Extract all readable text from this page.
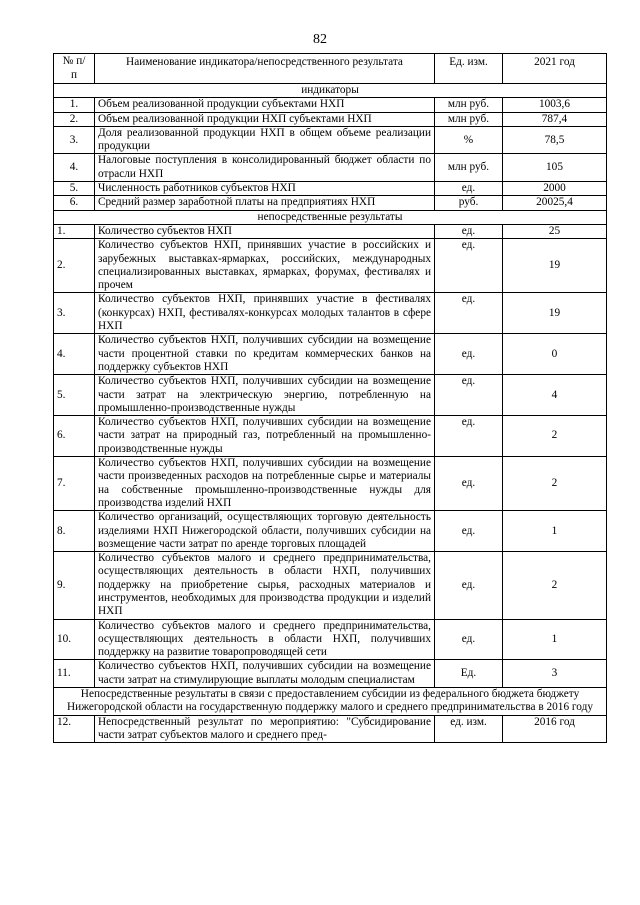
82
№ п/п	Наименование индикатора/непосредственного результата	Ед. изм.	2021 год
индикаторы			
1.	Объем реализованной продукции субъектами НХП	млн руб.	1003,6
2.	Объем реализованной продукции НХП субъектами НХП	млн руб.	787,4
3.	Доля реализованной продукции НХП в общем объеме реализации продукции	%	78,5
4.	Налоговые поступления в консолидированный бюджет области по отрасли НХП	млн руб.	105
5.	Численность работников субъектов НХП	ед.	2000
6.	Средний размер заработной платы на предприятиях НХП	руб.	20025,4
непосредственные результаты			
1.	Количество субъектов НХП	ед.	25
2.	Количество субъектов НХП, принявших участие в российских и зарубежных выставках-ярмарках, российских, международных специализированных выставках, ярмарках, форумах, фестивалях и прочем	ед.	19
3.	Количество субъектов НХП, принявших участие в фестивалях (конкурсах) НХП, фестивалях-конкурсах молодых талантов в сфере НХП	ед.	19
4.	Количество субъектов НХП, получивших субсидии на возмещение части процентной ставки по кредитам коммерческих банков на поддержку субъектов НХП	ед.	0
5.	Количество субъектов НХП, получивших субсидии на возмещение части затрат на электрическую энергию, потребленную на промышленно-производственные нужды	ед.	4
6.	Количество субъектов НХП, получивших субсидии на возмещение части затрат на природный газ, потребленный на промышленно-производственные нужды	ед.	2
7.	Количество субъектов НХП, получивших субсидии на возмещение части произведенных расходов на потребленные сырье и материалы на собственные промышленно-производственные нужды для производства изделий НХП	ед.	2
8.	Количество организаций, осуществляющих торговую деятельность изделиями НХП Нижегородской области, получивших субсидии на возмещение части затрат по аренде торговых площадей	ед.	1
9.	Количество субъектов малого и среднего предпринимательства, осуществляющих деятельность в области НХП, получивших поддержку на приобретение сырья, расходных материалов и инструментов, необходимых для производства продукции и изделий НХП	ед.	2
10.	Количество субъектов малого и среднего предпринимательства, осуществляющих деятельность в области НХП, получивших поддержку на развитие товаропроводящей сети	ед.	1
11.	Количество субъектов НХП, получивших субсидии на возмещение части затрат на стимулирующие выплаты молодым специалистам	Ед.	3
Непосредственные результаты в связи с предоставлением субсидии из федерального бюджета бюджету Нижегородской области на государственную поддержку малого и среднего предпринимательства в 2016 году			
12.	Непосредственный результат по мероприятию: "Субсидирование части затрат субъектов малого и среднего пред-	ед. изм.	2016 год
